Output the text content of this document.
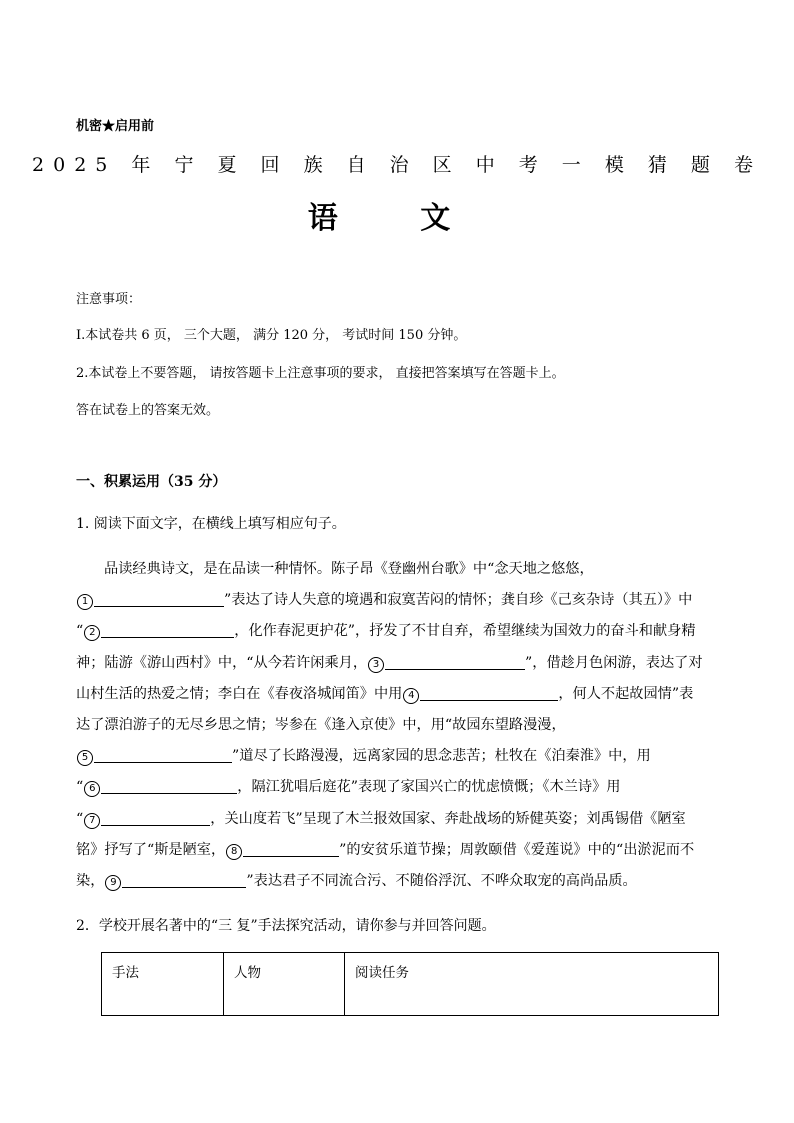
机密★启用前
2025 年 宁 夏 回 族 自 治 区 中 考 一 模 猜 题 卷
语 文
注意事项：
I.本试卷共 6 页， 三个大题， 满分 120 分， 考试时间 150 分钟。
2.本试卷上不要答题， 请按答题卡上注意事项的要求， 直接把答案填写在答题卡上。
答在试卷上的答案无效。
一、积累运用（35 分）
1. 阅读下面文字，在横线上填写相应句子。
品读经典诗文，是在品读一种情怀。陈子昂《登幽州台歌》中“念天地之悠悠，
1	”表达了诗人失意的境遇和寂寞苦闷的情怀；龚自珍《己亥杂诗（其五）》中
“ 2	，化作春泥更护花”，抒发了不甘自弃，希望继续为国效力的奋斗和献身精
神；陆游《游山西村》中，“从今若许闲乘月， 3	”，借趁月色闲游，表达了对
山村生活的热爱之情；李白在《春夜洛城闻笛》中用 4	，何人不起故园情”表
达了漂泊游子的无尽乡思之情；岑参在《逢入京使》中，用“故园东望路漫漫，
5	”道尽了长路漫漫，远离家园的思念悲苦；杜牧在《泊秦淮》中，用
“ 6	，隔江犹唱后庭花”表现了家国兴亡的忧虑愤慨；《木兰诗》用
“ 7	，关山度若飞”呈现了木兰报效国家、奔赴战场的矫健英姿；刘禹锡借《陋室
铭》抒写了“斯是陋室， 8	”的安贫乐道节操；周敦颐借《爱莲说》中的“出淤泥而不
染， 9	”表达君子不同流合污、不随俗浮沉、不哗众取宠的高尚品质。
2．学校开展名著中的“三 复”手法探究活动，请你参与并回答问题。
手法	人物	阅读任务
